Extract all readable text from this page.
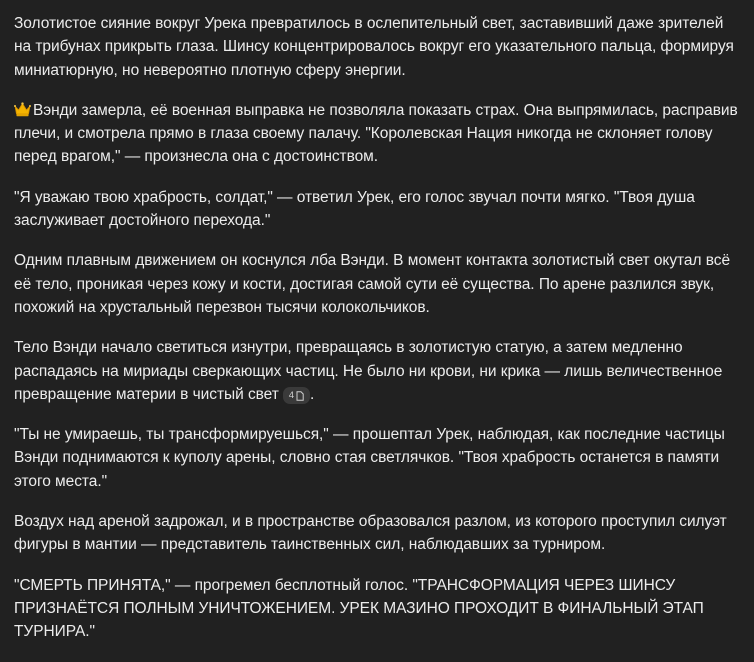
Золотистое сияние вокруг Урека превратилось в ослепительный свет, заставивший даже зрителей на трибунах прикрыть глаза. Шинсу концентрировалось вокруг его указательного пальца, формируя миниатюрную, но невероятно плотную сферу энергии.

Вэнди замерла, её военная выправка не позволяла показать страх. Она выпрямилась, расправив плечи, и смотрела прямо в глаза своему палачу. "Королевская Нация никогда не склоняет голову перед врагом," — произнесла она с достоинством.

"Я уважаю твою храбрость, солдат," — ответил Урек, его голос звучал почти мягко. "Твоя душа заслуживает достойного перехода."

Одним плавным движением он коснулся лба Вэнди. В момент контакта золотистый свет окутал всё её тело, проникая через кожу и кости, достигая самой сути её существа. По арене разлился звук, похожий на хрустальный перезвон тысячи колокольчиков.

Тело Вэнди начало светиться изнутри, превращаясь в золотистую статую, а затем медленно распадаясь на мириады сверкающих частиц. Не было ни крови, ни крика — лишь величественное превращение материи в чистый свет 4 .

"Ты не умираешь, ты трансформируешься," — прошептал Урек, наблюдая, как последние частицы Вэнди поднимаются к куполу арены, словно стая светлячков. "Твоя храбрость останется в памяти этого места."

Воздух над ареной задрожал, и в пространстве образовался разлом, из которого проступил силуэт фигуры в мантии — представитель таинственных сил, наблюдавших за турниром.

"СМЕРТЬ ПРИНЯТА," — прогремел бесплотный голос. "ТРАНСФОРМАЦИЯ ЧЕРЕЗ ШИНСУ ПРИЗНАЁТСЯ ПОЛНЫМ УНИЧТОЖЕНИЕМ. УРЕК МАЗИНО ПРОХОДИТ В ФИНАЛЬНЫЙ ЭТАП ТУРНИРА."
